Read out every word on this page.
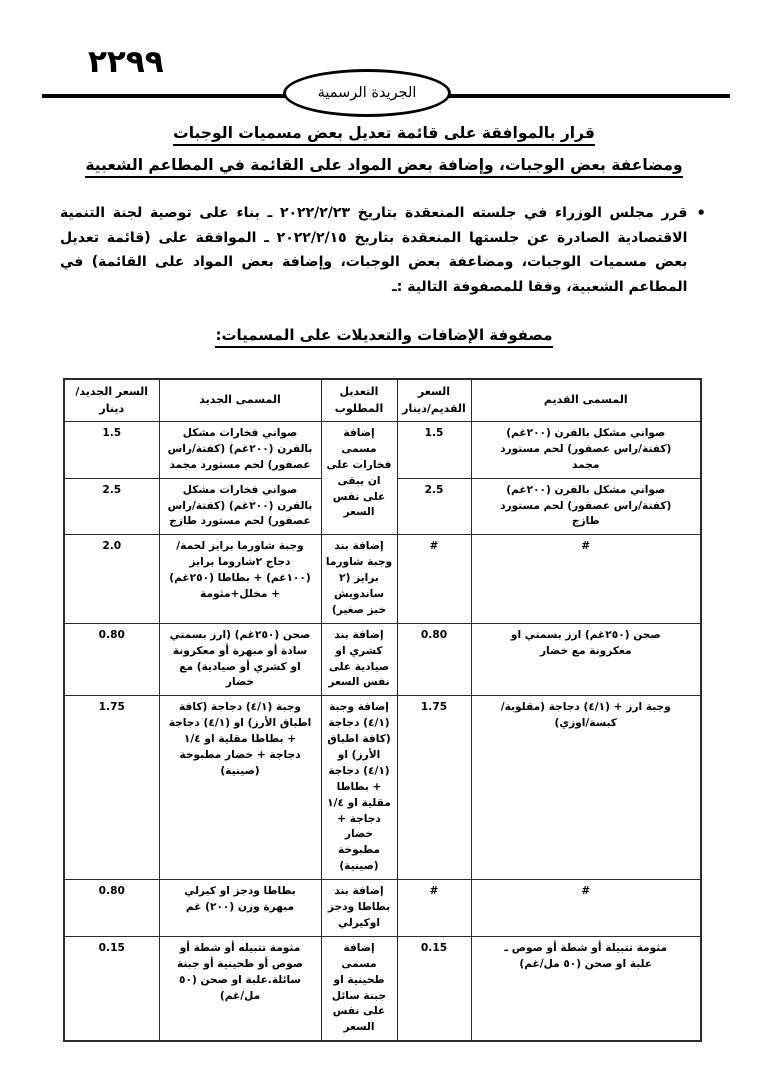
٢٢٩٩
الجريدة الرسمية
قرار بالموافقة على قائمة تعديل بعض مسميات الوجبات
ومضاعفة بعض الوجبات، وإضافة بعض المواد على القائمة في المطاعم الشعبية
•
قرر مجلس الوزراء في جلسته المنعقدة بتاريخ ٢٠٢٢/٢/٢٣ ـ بناء على توصية لجنة التنمية الاقتصادية الصادرة عن جلستها المنعقدة بتاريخ ٢٠٢٢/٢/١٥ ـ الموافقة على (قائمة تعديل بعض مسميات الوجبات، ومضاعفة بعض الوجبات، وإضافة بعض المواد على القائمة) في المطاعم الشعبية، وفقا للمصفوفة التالية :ـ
مصفوفة الإضافات والتعديلات على المسميات:
المسمى القديم	السعر القديم/دينار	التعديل المطلوب	المسمى الجديد	السعر الجديد/دينار
صواني مشكل بالفرن (٢٠٠غم) (كفتة/راس عصفور) لحم مستورد مجمد	1.5	إضافة مسمى فخارات على ان يبقى على نفس السعر	صواني فخارات مشكل بالفرن (٢٠٠غم) (كفتة/راس عصفور) لحم مستورد مجمد	1.5
صواني مشكل بالفرن (٢٠٠غم) (كفتة/راس عصفور) لحم مستورد طازج	2.5		صواني فخارات مشكل بالفرن (٢٠٠غم) (كفتة/راس عصفور) لحم مستورد طازج	2.5
#	#	إضافة بند وجبة شاورما برايز (٢ ساندويش خبز صغير)	وجبة شاورما برايز لحمة/دجاج ٢شاروما برايز (١٠٠غم) + بطاطا (٢٥٠غم) + مخلل+مثومة	2.0
صحن (٢٥٠غم) ارز بسمتي او معكرونة مع خضار	0.80	إضافة بند كشري او صيادية على نفس السعر	صحن (٢٥٠غم) (ارز بسمتي سادة أو مبهرة أو معكرونة او كشري أو صيادية) مع خضار	0.80
وجبة ارز + (٤/١) دجاجة (مقلوبة/كبسة/اوزي)	1.75	إضافة وجبة (٤/١) دجاجة (كافة اطباق الأرز) او (٤/١) دجاجة + بطاطا مقلية او ١/٤ دجاجة + خضار مطبوخة (صينية)	وجبة (٤/١) دجاجة (كافة اطباق الأرز) او (٤/١) دجاجة + بطاطا مقلية او ١/٤ دجاجة + خضار مطبوخة (صينية)	1.75
#	#	إضافة بند بطاطا ودجز اوكيرلي	بطاطا ودجز او كيرلي مبهرة وزن (٢٠٠) غم	0.80
مثومة تتبيلة أو شطة أو صوص ـ علبة او صحن (٥٠ مل/غم)	0.15	إضافة مسمى طحينية او جبنة سائل على نفس السعر	مثومة تتبيله أو شطة أو صوص أو طحينية أو جبنة سائلة.علبة او صحن (٥٠ مل/غم)	0.15
